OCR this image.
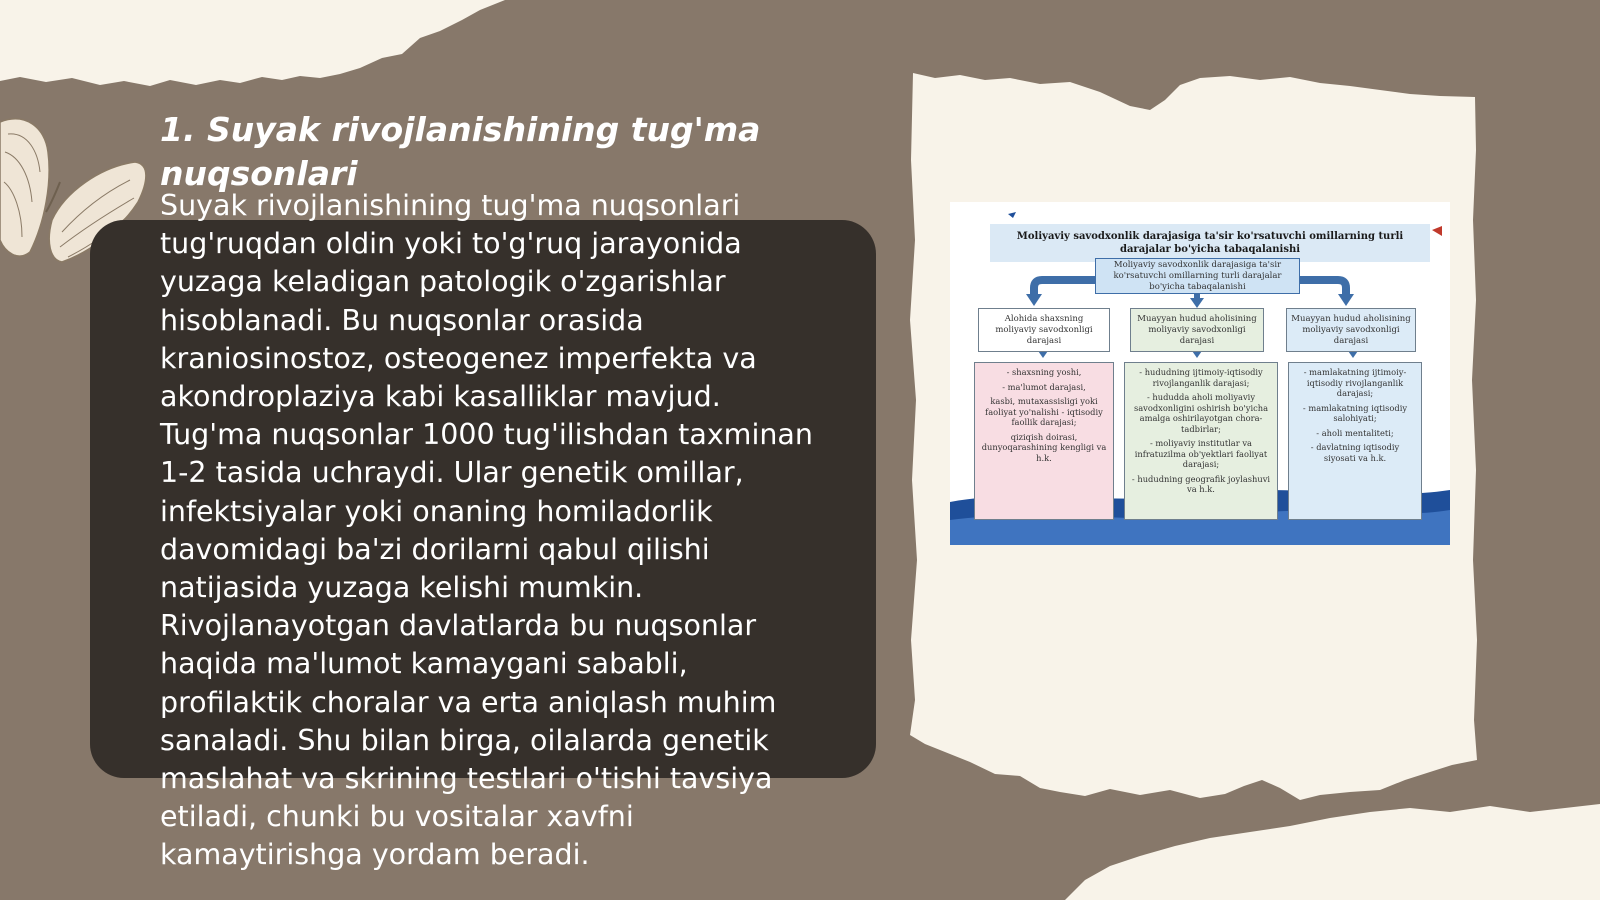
1. Suyak rivojlanishining tug'ma nuqsonlari

Suyak rivojlanishining tug'ma nuqsonlari tug'ruqdan oldin yoki to'g'ruq jarayonida yuzaga keladigan patologik o'zgarishlar hisoblanadi. Bu nuqsonlar orasida kraniosinostoz, osteogenez imperfekta va akondroplaziya kabi kasalliklar mavjud. Tug'ma nuqsonlar 1000 tug'ilishdan taxminan 1-2 tasida uchraydi. Ular genetik omillar, infektsiyalar yoki onaning homiladorlik davomidagi ba'zi dorilarni qabul qilishi natijasida yuzaga kelishi mumkin. Rivojlanayotgan davlatlarda bu nuqsonlar haqida ma'lumot kamaygani sababli, profilaktik choralar va erta aniqlash muhim sanaladi. Shu bilan birga, oilalarda genetik maslahat va skrining testlari o'tishi tavsiya etiladi, chunki bu vositalar xavfni kamaytirishga yordam beradi.

Moliyaviy savodxonlik darajasiga ta'sir ko'rsatuvchi omillarning turli darajalar bo'yicha tabaqalanishi
Moliyaviy savodxonlik darajasiga ta'sir ko'rsatuvchi omillarning turli darajalar bo'yicha tabaqalanishi
Alohida shaxsning moliyaviy savodxonligi darajasi
Muayyan hudud aholisining moliyaviy savodxonligi darajasi
Muayyan hudud aholisining moliyaviy savodxonligi darajasi
- shaxsning yoshi,
- ma'lumot darajasi,
kasbi, mutaxassisligi yoki faoliyat yo'nalishi - iqtisodiy faollik darajasi;
qiziqish doirasi, dunyoqarashining kengligi va h.k.
- hududning ijtimoiy-iqtisodiy rivojlanganlik darajasi;
- hududda aholi moliyaviy savodxonligini oshirish bo'yicha amalga oshirilayotgan chora-tadbirlar;
- moliyaviy institutlar va infratuzilma ob'yektlari faoliyat darajasi;
- hududning geografik joylashuvi va h.k.
- mamlakatning ijtimoiy-iqtisodiy rivojlanganlik darajasi;
- mamlakatning iqtisodiy salohiyati;
- aholi mentaliteti;
- davlatning iqtisodiy siyosati va h.k.
